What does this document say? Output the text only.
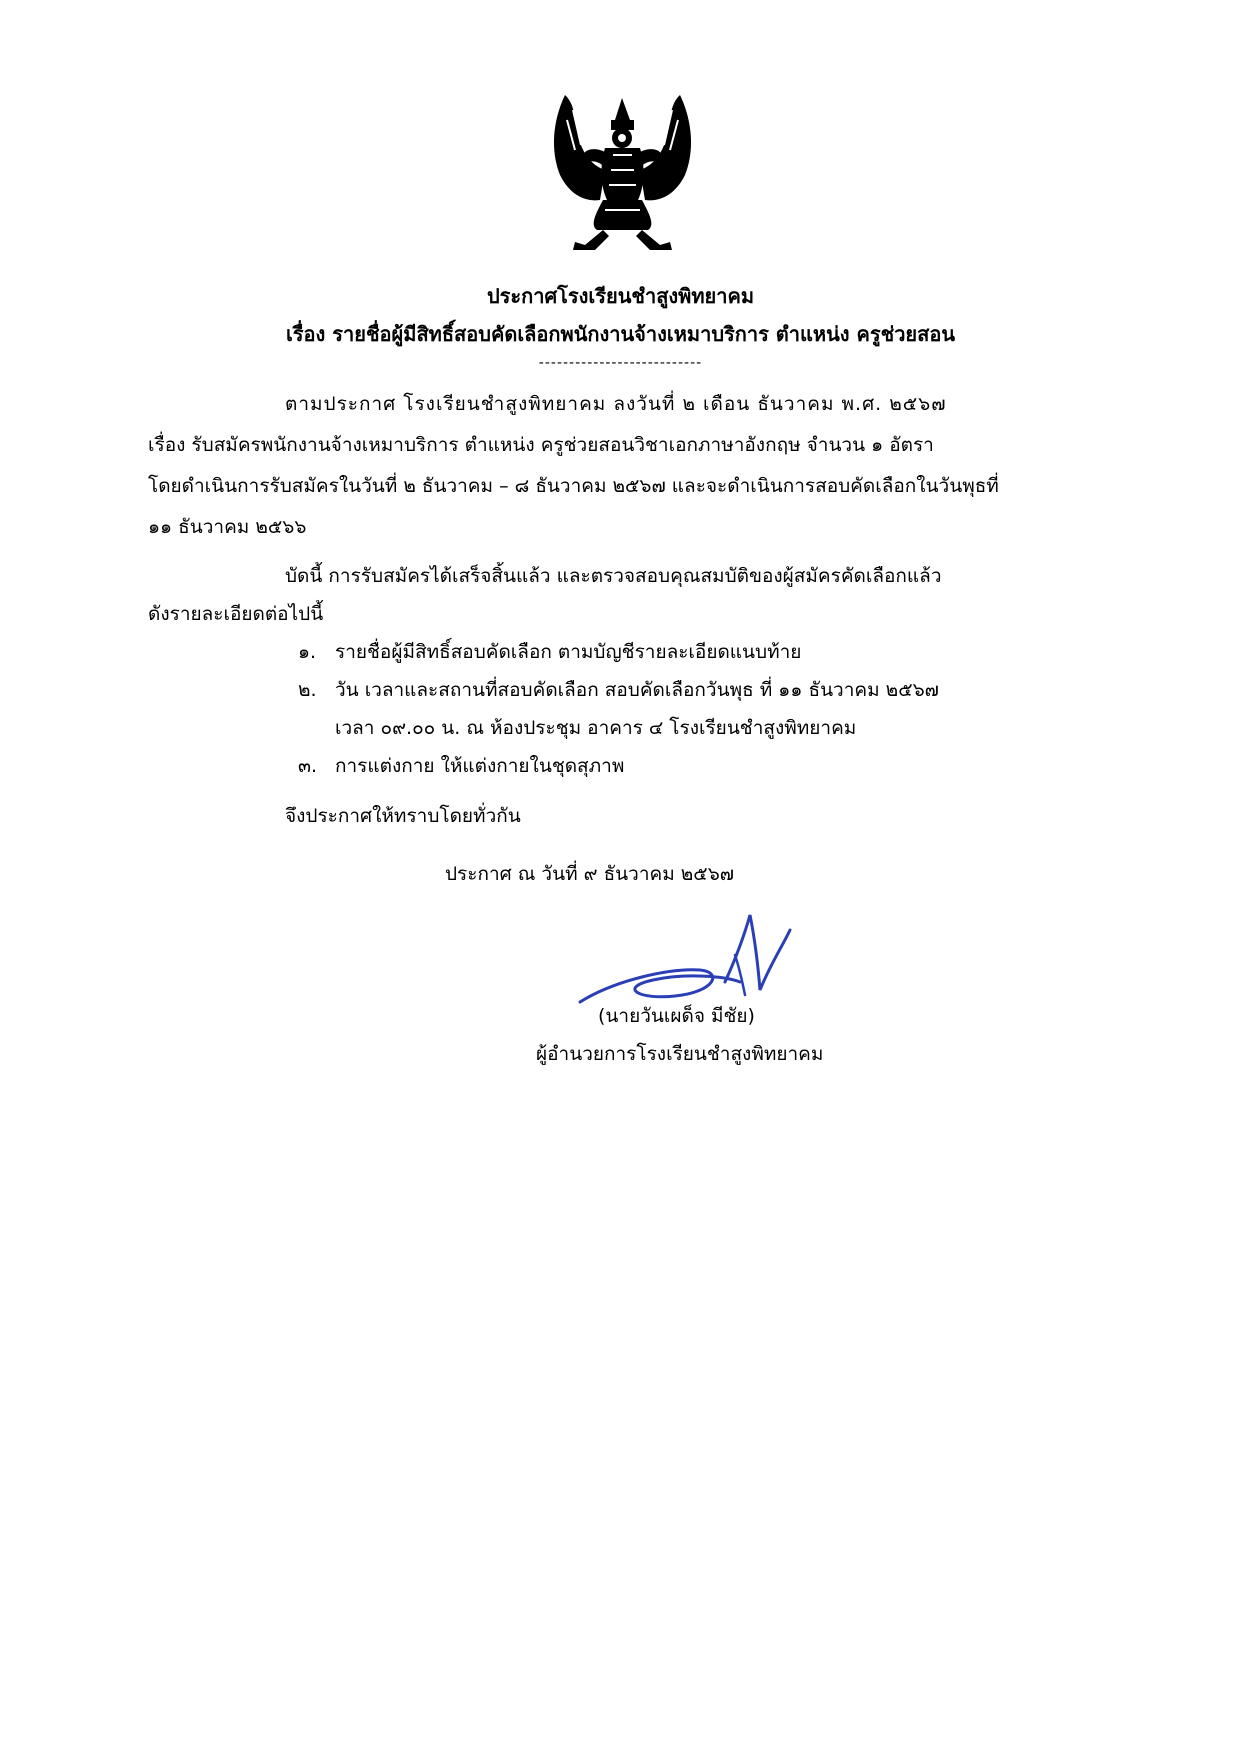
ประกาศโรงเรียนชำสูงพิทยาคม
เรื่อง รายชื่อผู้มีสิทธิ์สอบคัดเลือกพนักงานจ้างเหมาบริการ ตำแหน่ง ครูช่วยสอน
---------------------------
ตามประกาศ โรงเรียนชำสูงพิทยาคม ลงวันที่ ๒ เดือน ธันวาคม พ.ศ. ๒๕๖๗
เรื่อง รับสมัครพนักงานจ้างเหมาบริการ ตำแหน่ง ครูช่วยสอนวิชาเอกภาษาอังกฤษ จำนวน ๑ อัตรา
โดยดำเนินการรับสมัครในวันที่ ๒ ธันวาคม – ๘ ธันวาคม ๒๕๖๗ และจะดำเนินการสอบคัดเลือกในวันพุธที่
๑๑ ธันวาคม ๒๕๖๖
บัดนี้ การรับสมัครได้เสร็จสิ้นแล้ว และตรวจสอบคุณสมบัติของผู้สมัครคัดเลือกแล้ว
ดังรายละเอียดต่อไปนี้
๑. รายชื่อผู้มีสิทธิ์สอบคัดเลือก ตามบัญชีรายละเอียดแนบท้าย
๒. วัน เวลาและสถานที่สอบคัดเลือก สอบคัดเลือกวันพุธ ที่ ๑๑ ธันวาคม ๒๕๖๗
เวลา ๐๙.๐๐ น. ณ ห้องประชุม อาคาร ๔ โรงเรียนชำสูงพิทยาคม
๓. การแต่งกาย ให้แต่งกายในชุดสุภาพ
จึงประกาศให้ทราบโดยทั่วกัน
ประกาศ ณ วันที่ ๙ ธันวาคม ๒๕๖๗
(นายวันเผด็จ มีชัย)
ผู้อำนวยการโรงเรียนชำสูงพิทยาคม
